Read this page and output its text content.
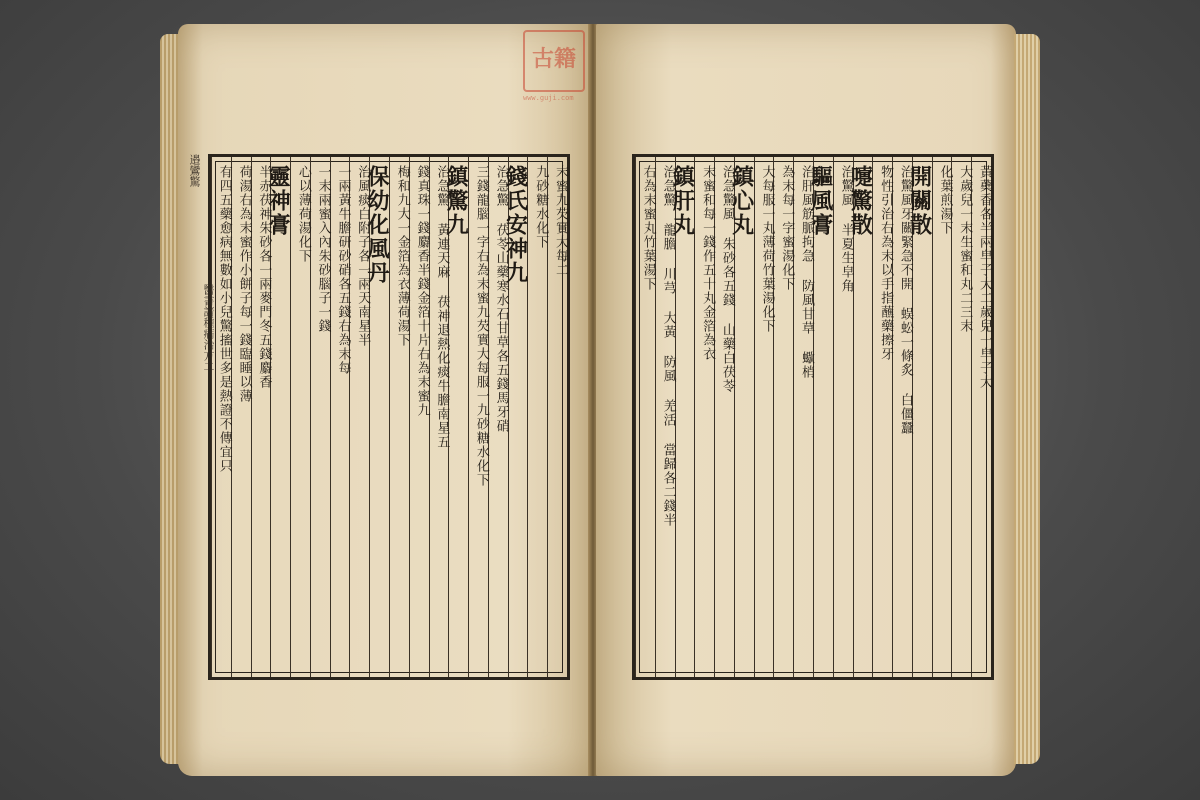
邉鸞驚
醫書諸種病治方二
古籍
www.guji.com
末蜜九芡實大每二
九砂糖水化下
錢氏安神九
治急驚 茯苓山藥寒水石甘草各五錢馬牙硝
三錢龍腦一字右為末蜜九芡實大每服一九砂糖水化下
鎮驚九
治急驚 黃連天麻 茯神退熱化痰牛膽南星五
錢真珠一錢麝香半錢金箔十片右為末蜜九
梅和九大一金箔為衣薄荷湯下
保幼化風丹
治風痰白附子各一兩天南星半
一兩黃牛膽研砂硝各五錢右為末每
一末兩蜜入內朱砂腦子一錢
心以薄荷湯化下
靈神膏
半赤茯神朱砂各一兩麥門冬五錢麝香
荷湯右為末蜜作小餅子每一錢臨睡以薄
有四五藥愈病無數如小兒驚搐世多是熱證不傳宜只	黃蘗香各半兩皁子大二歲兒一皁子大
大歲兒一末生蜜和丸二三末
化葉煎湯下
開關散
治驚風牙關緊急不開 蜈蚣一條炙 白僵蠶
物性引治右為末以手指蘸藥擦牙
嚏驚散
治驚風 半夏生皁角
驅風膏
治肝風筋脈拘急 防風甘草 蠍梢
為末每一字蜜湯化下
大每服一丸薄荷竹葉湯化下
鎮心丸
治急驚風 朱砂各五錢 山藥白茯苓
末蜜和每一錢作五十丸金箔為衣
鎮肝丸
治急驚 龍膽 川芎 大黃 防風 羌活 當歸各二錢半
右為末蜜丸竹葉湯下
